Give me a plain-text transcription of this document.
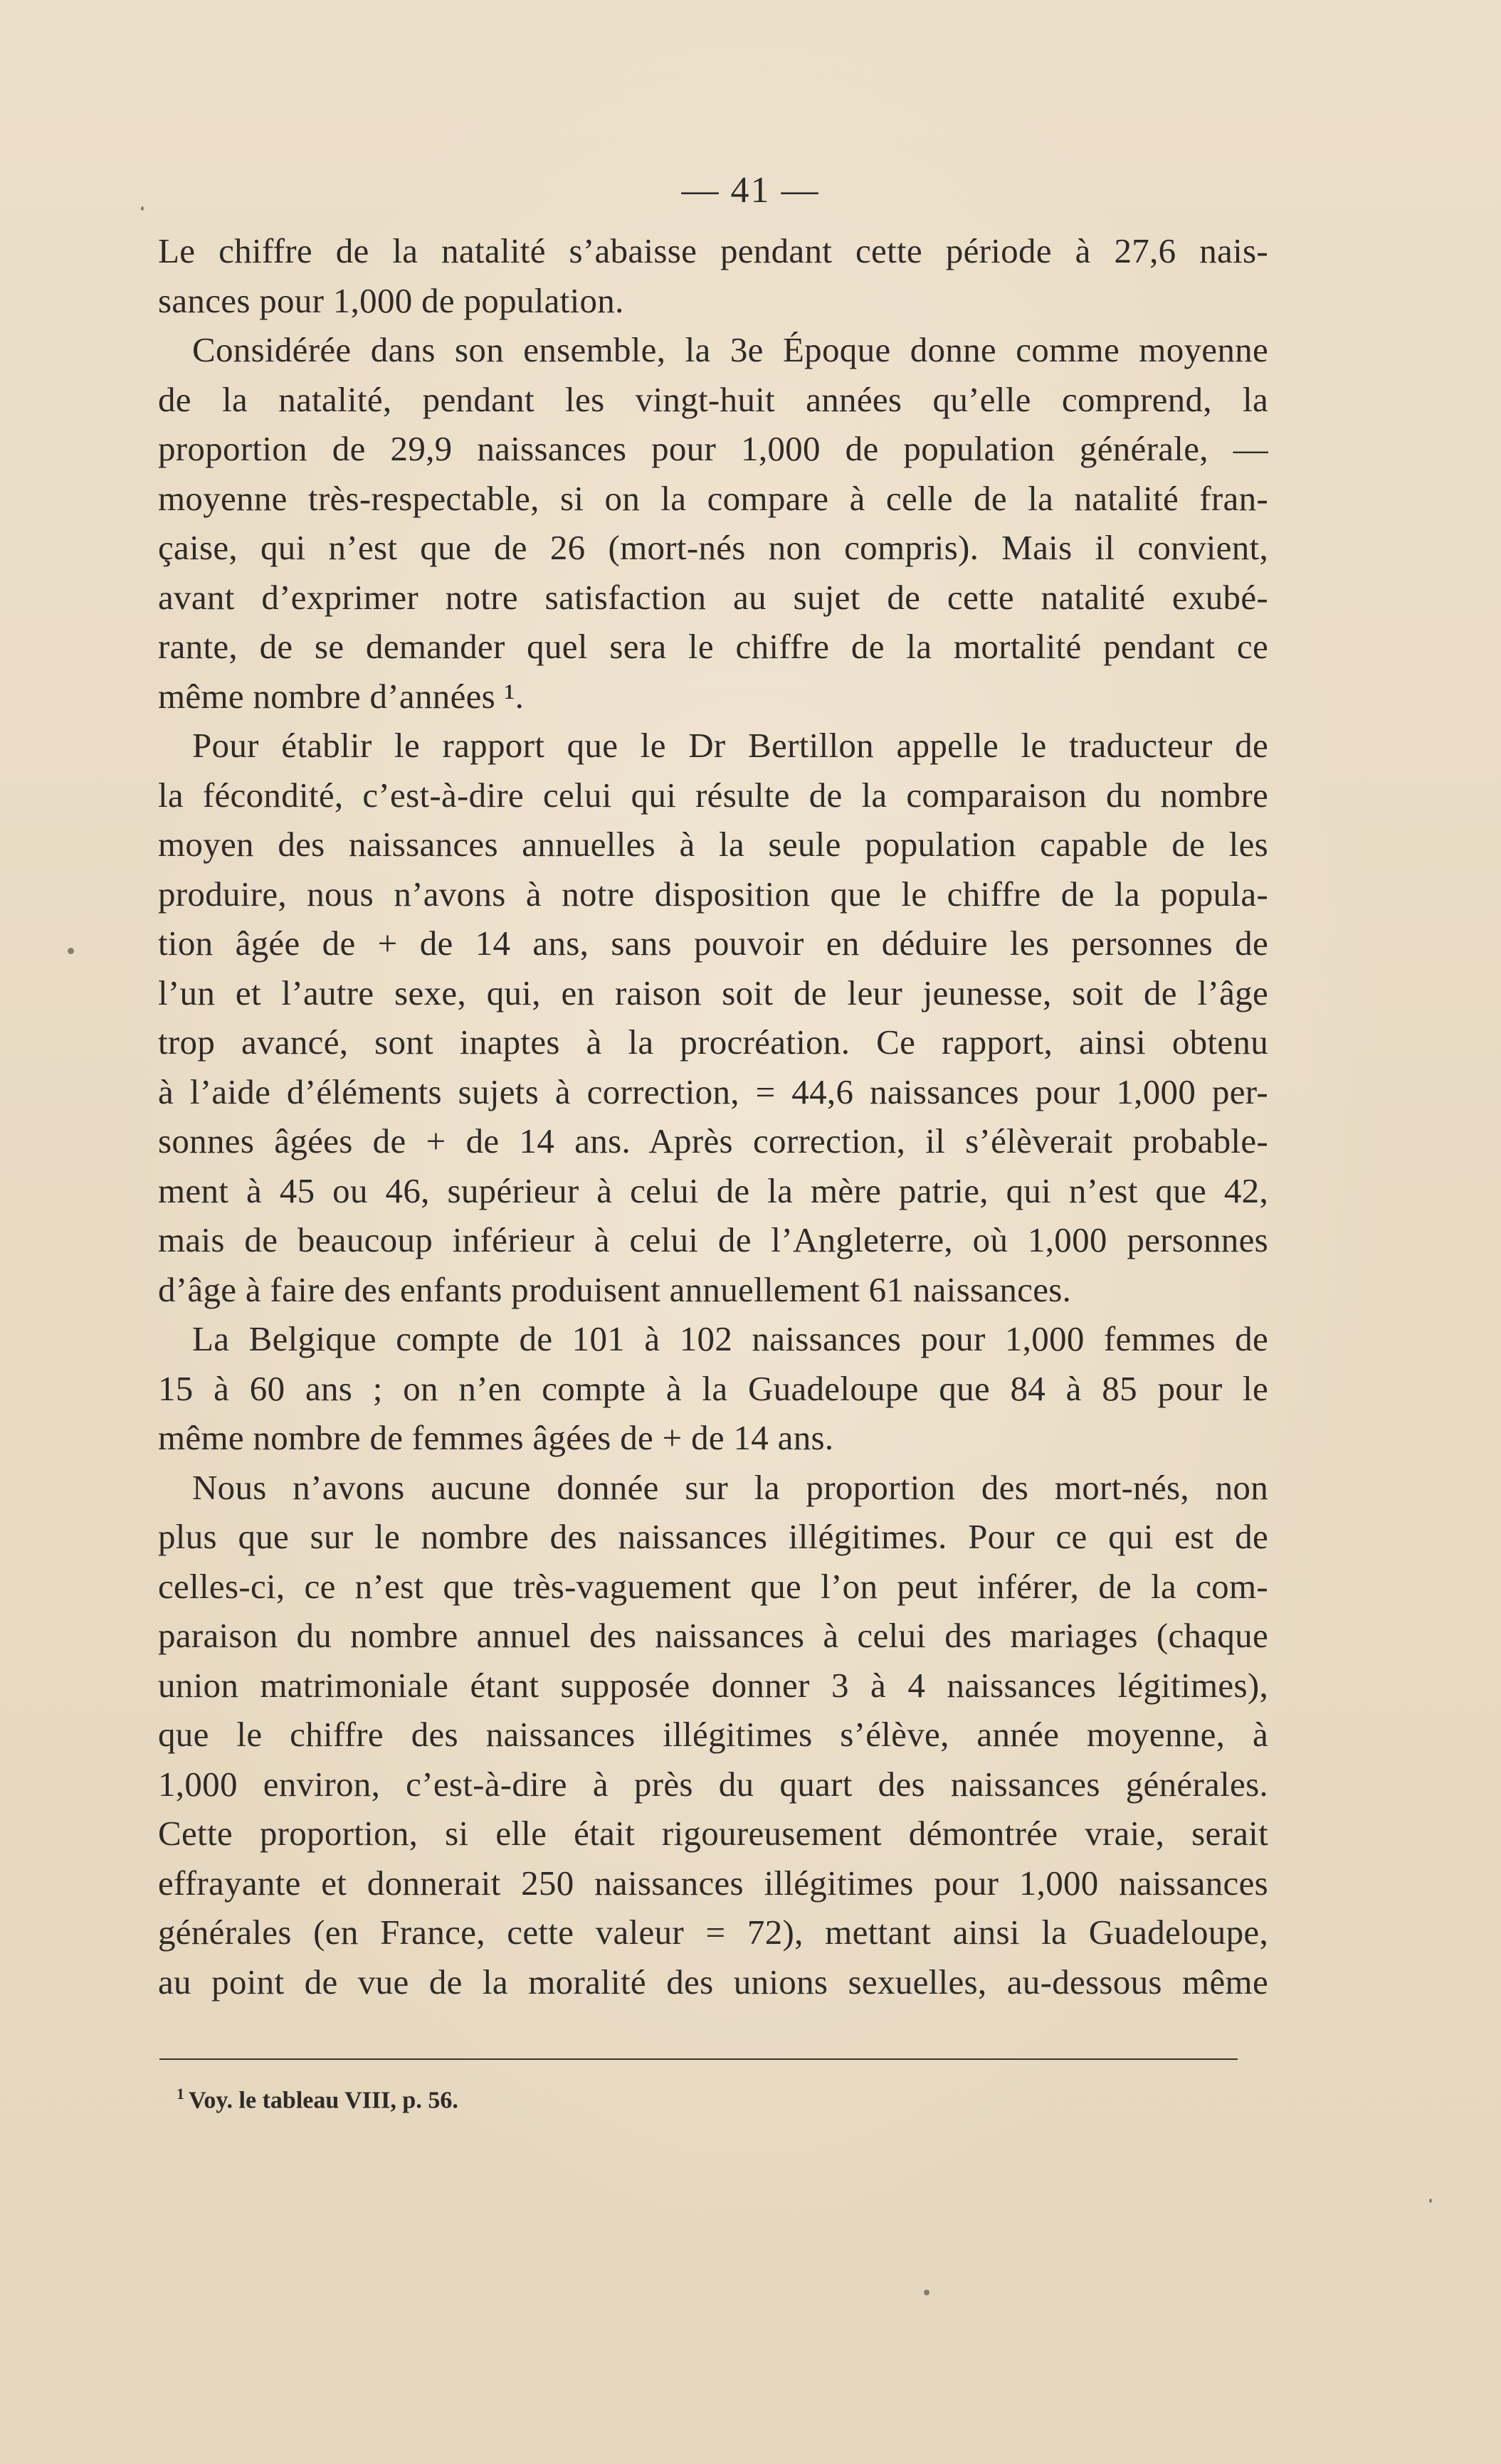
— 41 —
Le chiffre de la natalité s’abaisse pendant cette période à 27,6 nais-
sances pour 1,000 de population.
Considérée dans son ensemble, la 3e Époque donne comme moyenne
de la natalité, pendant les vingt-huit années qu’elle comprend, la
proportion de 29,9 naissances pour 1,000 de population générale, —
moyenne très-respectable, si on la compare à celle de la natalité fran-
çaise, qui n’est que de 26 (mort-nés non compris). Mais il convient,
avant d’exprimer notre satisfaction au sujet de cette natalité exubé-
rante, de se demander quel sera le chiffre de la mortalité pendant ce
même nombre d’années ¹.
Pour établir le rapport que le Dr Bertillon appelle le traducteur de
la fécondité, c’est-à-dire celui qui résulte de la comparaison du nombre
moyen des naissances annuelles à la seule population capable de les
produire, nous n’avons à notre disposition que le chiffre de la popula-
tion âgée de + de 14 ans, sans pouvoir en déduire les personnes de
l’un et l’autre sexe, qui, en raison soit de leur jeunesse, soit de l’âge
trop avancé, sont inaptes à la procréation. Ce rapport, ainsi obtenu
à l’aide d’éléments sujets à correction, = 44,6 naissances pour 1,000 per-
sonnes âgées de + de 14 ans. Après correction, il s’élèverait probable-
ment à 45 ou 46, supérieur à celui de la mère patrie, qui n’est que 42,
mais de beaucoup inférieur à celui de l’Angleterre, où 1,000 personnes
d’âge à faire des enfants produisent annuellement 61 naissances.
La Belgique compte de 101 à 102 naissances pour 1,000 femmes de
15 à 60 ans ; on n’en compte à la Guadeloupe que 84 à 85 pour le
même nombre de femmes âgées de + de 14 ans.
Nous n’avons aucune donnée sur la proportion des mort-nés, non
plus que sur le nombre des naissances illégitimes. Pour ce qui est de
celles-ci, ce n’est que très-vaguement que l’on peut inférer, de la com-
paraison du nombre annuel des naissances à celui des mariages (chaque
union matrimoniale étant supposée donner 3 à 4 naissances légitimes),
que le chiffre des naissances illégitimes s’élève, année moyenne, à
1,000 environ, c’est-à-dire à près du quart des naissances générales.
Cette proportion, si elle était rigoureusement démontrée vraie, serait
effrayante et donnerait 250 naissances illégitimes pour 1,000 naissances
générales (en France, cette valeur = 72), mettant ainsi la Guadeloupe,
au point de vue de la moralité des unions sexuelles, au-dessous même
$^1$ Voy. le tableau VIII, p. 56.
